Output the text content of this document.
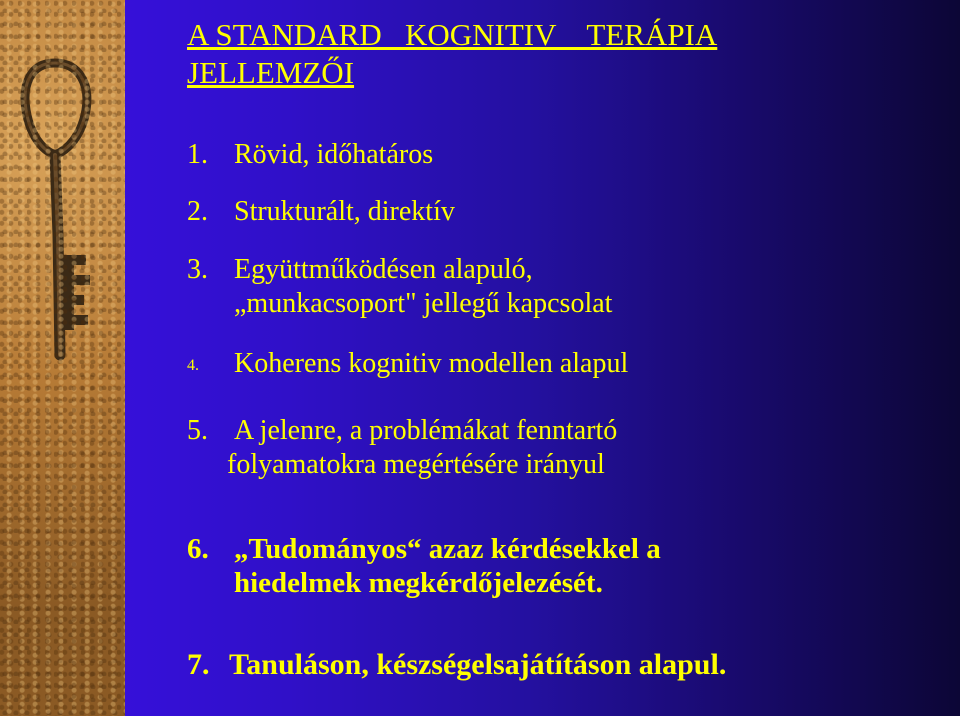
A STANDARD   KOGNITIV    TERÁPIA
JELLEMZŐI
1. Rövid, időhatáros
2. Strukturált, direktív
3. Együttműködésen alapuló,
„munkacsoport" jellegű kapcsolat
4. Koherens kognitiv modellen alapul
5. A jelenre, a problémákat fenntartó
folyamatokra megértésére irányul
6. „Tudományos“ azaz kérdésekkel a
hiedelmek megkérdőjelezését.
7. Tanuláson, készségelsajátításon alapul.
